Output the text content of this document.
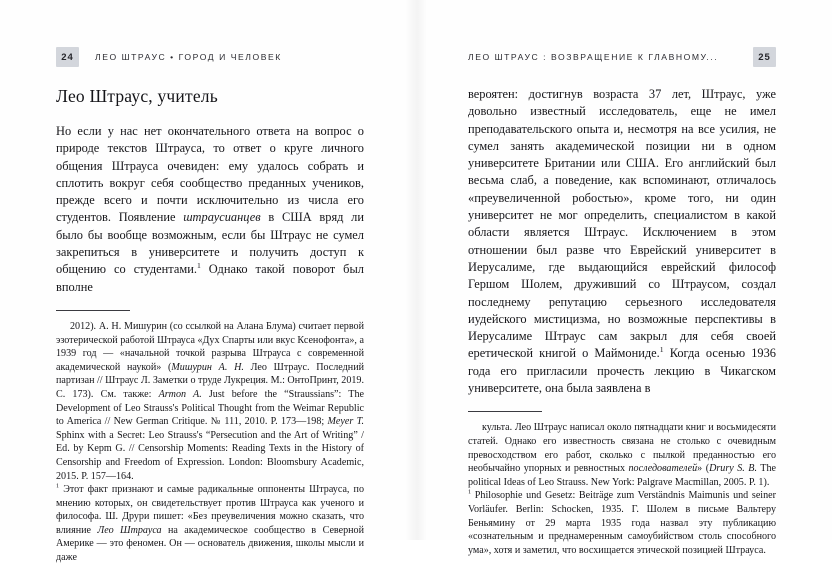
24	ЛЕО ШТРАУС • ГОРОД И ЧЕЛОВЕК
Лео Штраус, учитель

Но если у нас нет окончательного ответа на вопрос о природе текстов Штрауса, то ответ о круге личного общения Штрауса очевиден: ему удалось собрать и сплотить вокруг себя сообщество преданных учеников, прежде всего и почти исключительно из числа его студентов. Появление штраусианцев в США вряд ли было бы вообще возможным, если бы Штраус не сумел закрепиться в университете и получить доступ к общению со студентами.$^1$ Однако такой поворот был вполне

2012). А. Н. Мишурин (со ссылкой на Алана Блума) считает первой эзотерической работой Штрауса «Дух Спарты или вкус Ксенофонта», а 1939 год — «начальной точкой разрыва Штрауса с современной академической наукой» (Мишурин А. Н. Лео Штраус. Последний партизан // Штраус Л. Заметки о труде Лукреция. М.: ОнтоПринт, 2019. С. 173). См. также: Armon A. Just before the “Straussians”: The Development of Leo Strauss's Political Thought from the Weimar Republic to America // New German Critique. № 111, 2010. P. 173—198; Meyer T. Sphinx with a Secret: Leo Strauss's “Persecution and the Art of Writing” / Ed. by Kepm G. // Censorship Moments: Reading Texts in the History of Censorship and Freedom of Expression. London: Bloomsbury Academic, 2015. P. 157—164.

$^1$ Этот факт признают и самые радикальные оппоненты Штрауса, по мнению которых, он свидетельствует против Штрауса как ученого и философа. Ш. Друри пишет: «Без преувеличения можно сказать, что влияние Лео Штрауса на академическое сообщество в Северной Америке — это феномен. Он — основатель движения, школы мысли и даже

ЛЕО ШТРАУС : ВОЗВРАЩЕНИЕ К ГЛАВНОМУ...	25

вероятен: достигнув возраста 37 лет, Штраус, уже довольно известный исследователь, еще не имел преподавательского опыта и, несмотря на все усилия, не сумел занять академической позиции ни в одном университете Британии или США. Его английский был весьма слаб, а поведение, как вспоминают, отличалось «преувеличенной робостью», кроме того, ни один университет не мог определить, специалистом в какой области является Штраус. Исключением в этом отношении был разве что Еврейский университет в Иерусалиме, где выдающийся еврейский философ Гершом Шолем, друживший со Штраусом, создал последнему репутацию серьезного исследователя иудейского мистицизма, но возможные перспективы в Иерусалиме Штраус сам закрыл для себя своей еретической книгой о Маймониде.$^1$ Когда осенью 1936 года его пригласили прочесть лекцию в Чикагском университете, она была заявлена в

культа. Лео Штраус написал около пятнадцати книг и восьмидесяти статей. Однако его известность связана не столько с очевидным превосходством его работ, сколько с пылкой преданностью его необычайно упорных и ревностных последователей» (Drury S. B. The political Ideas of Leo Strauss. New York: Palgrave Macmillan, 2005. P. 1).

$^1$ Philosophie und Gesetz: Beiträge zum Verständnis Maimunis und seiner Vorläufer. Berlin: Schocken, 1935. Г. Шолем в письме Вальтеру Беньямину от 29 марта 1935 года назвал эту публикацию «сознательным и преднамеренным самоубийством столь способного ума», хотя и заметил, что восхищается этической позицией Штрауса.
